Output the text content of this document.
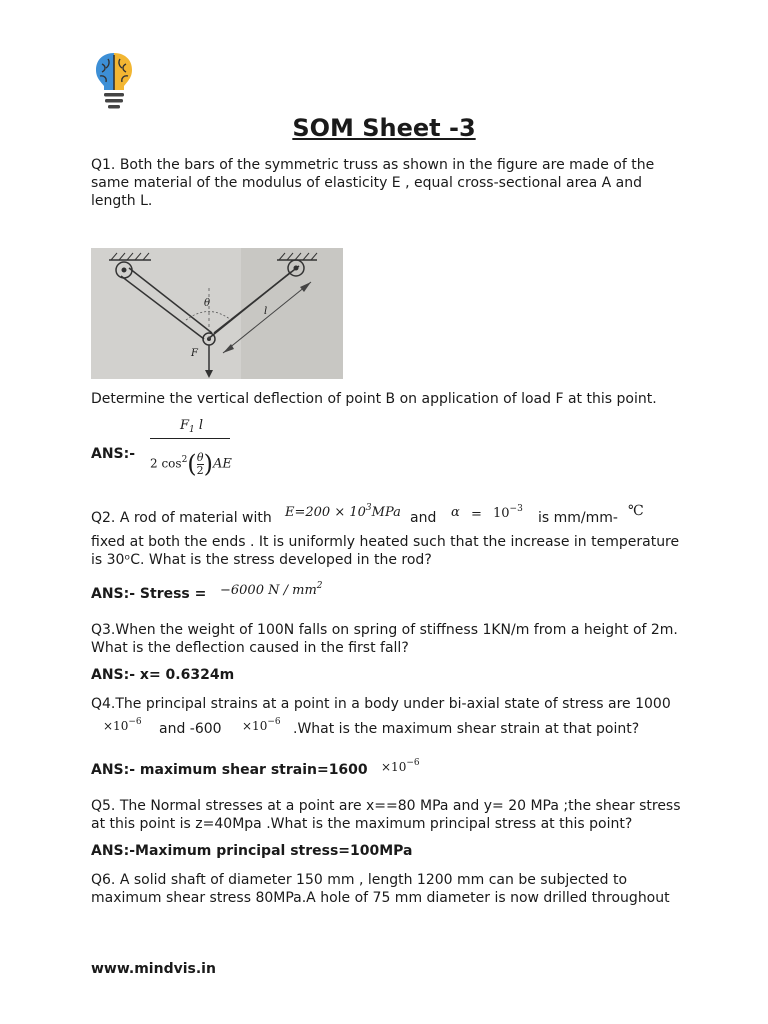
SOM Sheet -3
Q1. Both the bars of the symmetric truss as shown in the figure are made of the same material of the modulus of elasticity E , equal cross-sectional area A and length L.
θ
l
F
Determine the vertical deflection of point B on application of load F at this point.
ANS:-
$F_1$ l
2 $\cos^2( \frac{\theta}{2} )AE$
Q2. A rod of material with $E=200 \times 10^3MPa$ and $\alpha = 10^{-3}$
is mm/mm- ℃
fixed at both the ends . It is uniformly heated such that the increase in temperature is 30ᵒC. What is the stress developed in the rod?
ANS:- Stress = −6000 N / $mm^2$
Q3.When the weight of 100N falls on spring of stiffness 1KN/m from a height of 2m. What is the deflection caused in the first fall?
ANS:- x= 0.6324m
Q4.The principal strains at a point in a body under bi-axial state of stress are 1000
$\times 10^{-6}$ and $-600 \times 10^{-6}$ .What is the maximum shear strain at that point?
ANS:- maximum shear strain=1600 $\times 10^{-6}$
Q5. The Normal stresses at a point are x==80 MPa and y= 20 MPa ;the shear stress at this point is z=40Mpa .What is the maximum principal stress at this point?
ANS:-Maximum principal stress=100MPa
Q6. A solid shaft of diameter 150 mm , length 1200 mm can be subjected to maximum shear stress 80MPa.A hole of 75 mm diameter is now drilled throughout
www.mindvis.in
